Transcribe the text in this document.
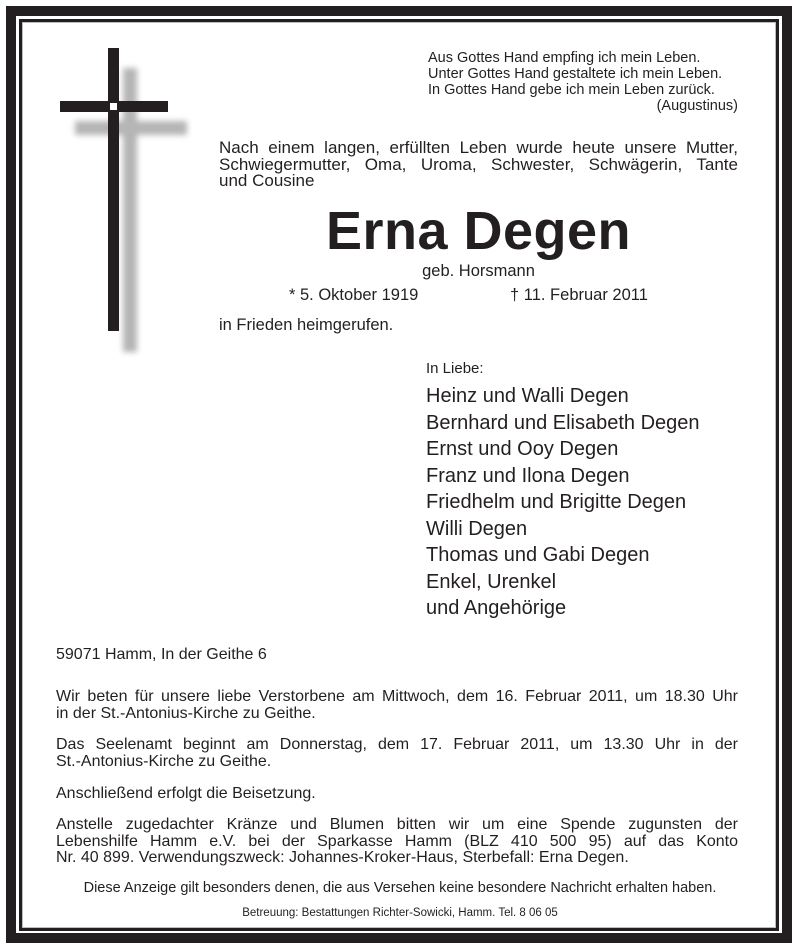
Aus Gottes Hand empfing ich mein Leben.
Unter Gottes Hand gestaltete ich mein Leben.
In Gottes Hand gebe ich mein Leben zurück.
(Augustinus)
Nach einem langen, erfüllten Leben wurde heute unsere Mutter,
Schwiegermutter, Oma, Uroma, Schwester, Schwägerin, Tante
und Cousine
Erna Degen
geb. Horsmann
* 5. Oktober 1919	† 11. Februar 2011
in Frieden heimgerufen.
In Liebe:
Heinz und Walli Degen
Bernhard und Elisabeth Degen
Ernst und Ooy Degen
Franz und Ilona Degen
Friedhelm und Brigitte Degen
Willi Degen
Thomas und Gabi Degen
Enkel, Urenkel
und Angehörige
59071 Hamm, In der Geithe 6
Wir beten für unsere liebe Verstorbene am Mittwoch, dem 16. Februar 2011, um 18.30 Uhr
in der St.-Antonius-Kirche zu Geithe.
Das Seelenamt beginnt am Donnerstag, dem 17. Februar 2011, um 13.30 Uhr in der
St.-Antonius-Kirche zu Geithe.
Anschließend erfolgt die Beisetzung.
Anstelle zugedachter Kränze und Blumen bitten wir um eine Spende zugunsten der
Lebenshilfe Hamm e.V. bei der Sparkasse Hamm (BLZ 410 500 95) auf das Konto
Nr. 40 899. Verwendungszweck: Johannes-Kroker-Haus, Sterbefall: Erna Degen.
Diese Anzeige gilt besonders denen, die aus Versehen keine besondere Nachricht erhalten haben.
Betreuung: Bestattungen Richter-Sowicki, Hamm. Tel. 8 06 05
